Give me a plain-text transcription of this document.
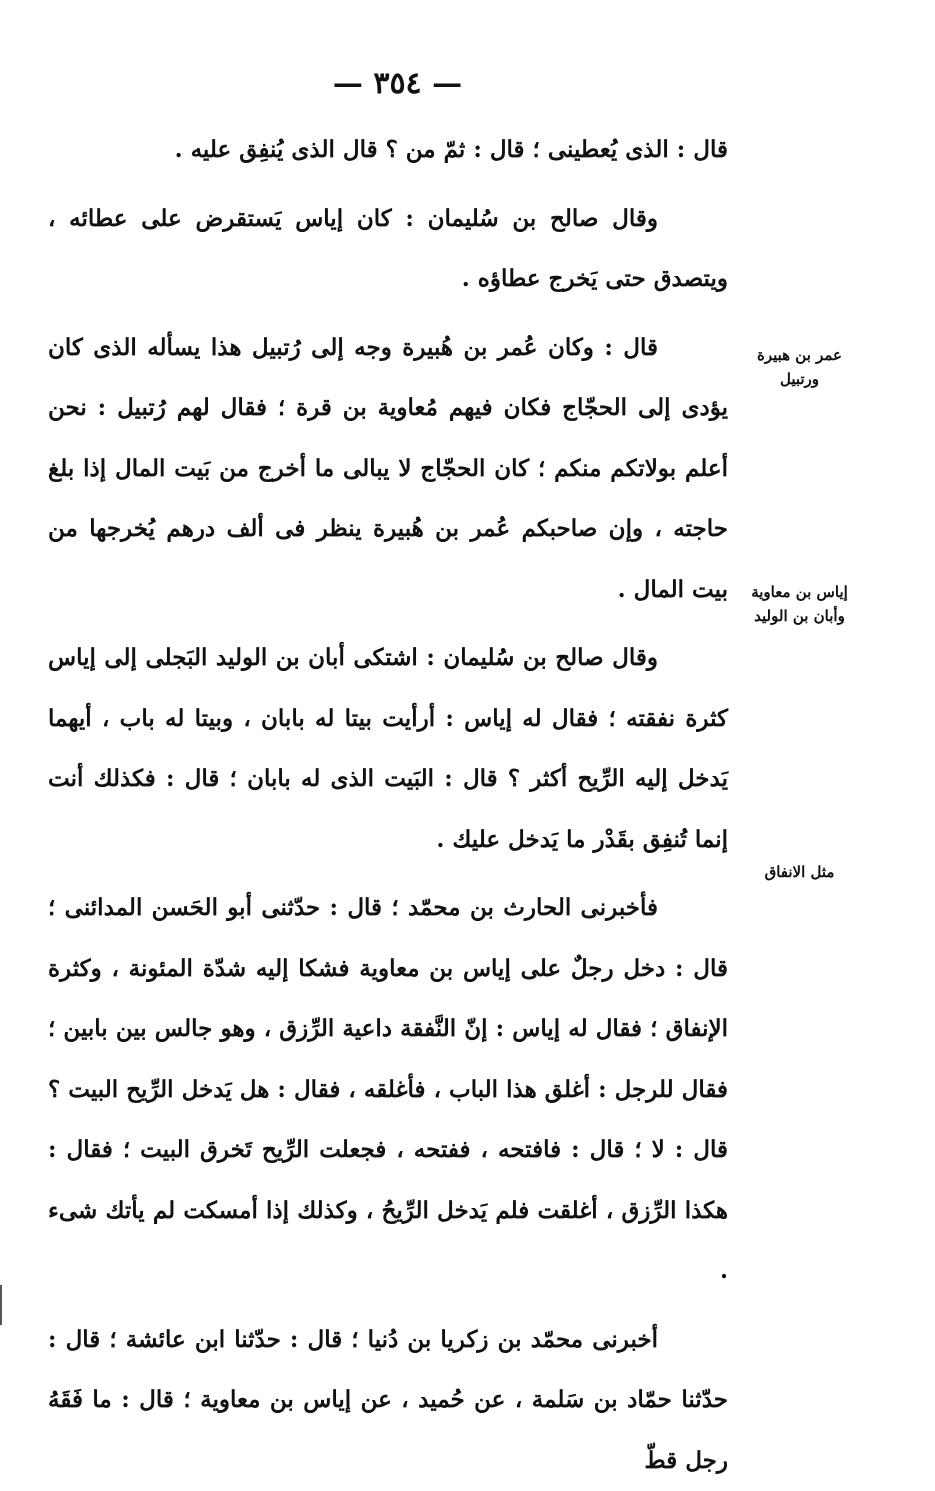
— ٣٥٤ —

قال : الذى يُعطينى ؛ قال : ثمّ من ؟ قال الذى يُنفِق عليه .

وقال صالح بن سُليمان : كان إياس يَستقرض على عطائه ، ويتصدق حتى يَخرج عطاؤه .

قال : وكان عُمر بن هُبيرة وجه إلى رُتبيل هذا يسأله الذى كان يؤدى إلى الحجّاج فكان فيهم مُعاوية بن قرة ؛ فقال لهم رُتبيل : نحن أعلم بولاتكم منكم ؛ كان الحجّاج لا يبالى ما أخرج من بَيت المال إذا بلغ حاجته ، وإن صاحبكم عُمر بن هُبيرة ينظر فى ألف درهم يُخرجها من بيت المال .

وقال صالح بن سُليمان : اشتكى أبان بن الوليد البَجلى إلى إياس كثرة نفقته ؛ فقال له إياس : أرأيت بيتا له بابان ، وبيتا له باب ، أيهما يَدخل إليه الرِّيح أكثر ؟ قال : البَيت الذى له بابان ؛ قال : فكذلك أنت إنما تُنفِق بقَدْر ما يَدخل عليك .

فأخبرنى الحارث بن محمّد ؛ قال : حدّثنى أبو الحَسن المدائنى ؛ قال : دخل رجلٌ على إياس بن معاوية فشكا إليه شدّة المئونة ، وكثرة الإنفاق ؛ فقال له إياس : إنّ النَّفقة داعية الرِّزق ، وهو جالس بين بابين ؛ فقال للرجل : أغلق هذا الباب ، فأغلقه ، فقال : هل يَدخل الرِّيح البيت ؟ قال : لا ؛ قال : فافتحه ، ففتحه ، فجعلت الرِّيح تَخرق البيت ؛ فقال : هكذا الرِّزق ، أغلقت فلم يَدخل الرِّيحُ ، وكذلك إذا أمسكت لم يأتك شىء .

أخبرنى محمّد بن زكريا بن دُنيا ؛ قال : حدّثنا ابن عائشة ؛ قال : حدّثنا حمّاد بن سَلمة ، عن حُميد ، عن إياس بن معاوية ؛ قال : ما فَقَهُ رجل قطّ

عمر بن هبيرة
ورتبيل
إياس بن معاوية
وأبان بن الوليد
مثل الانفاق
